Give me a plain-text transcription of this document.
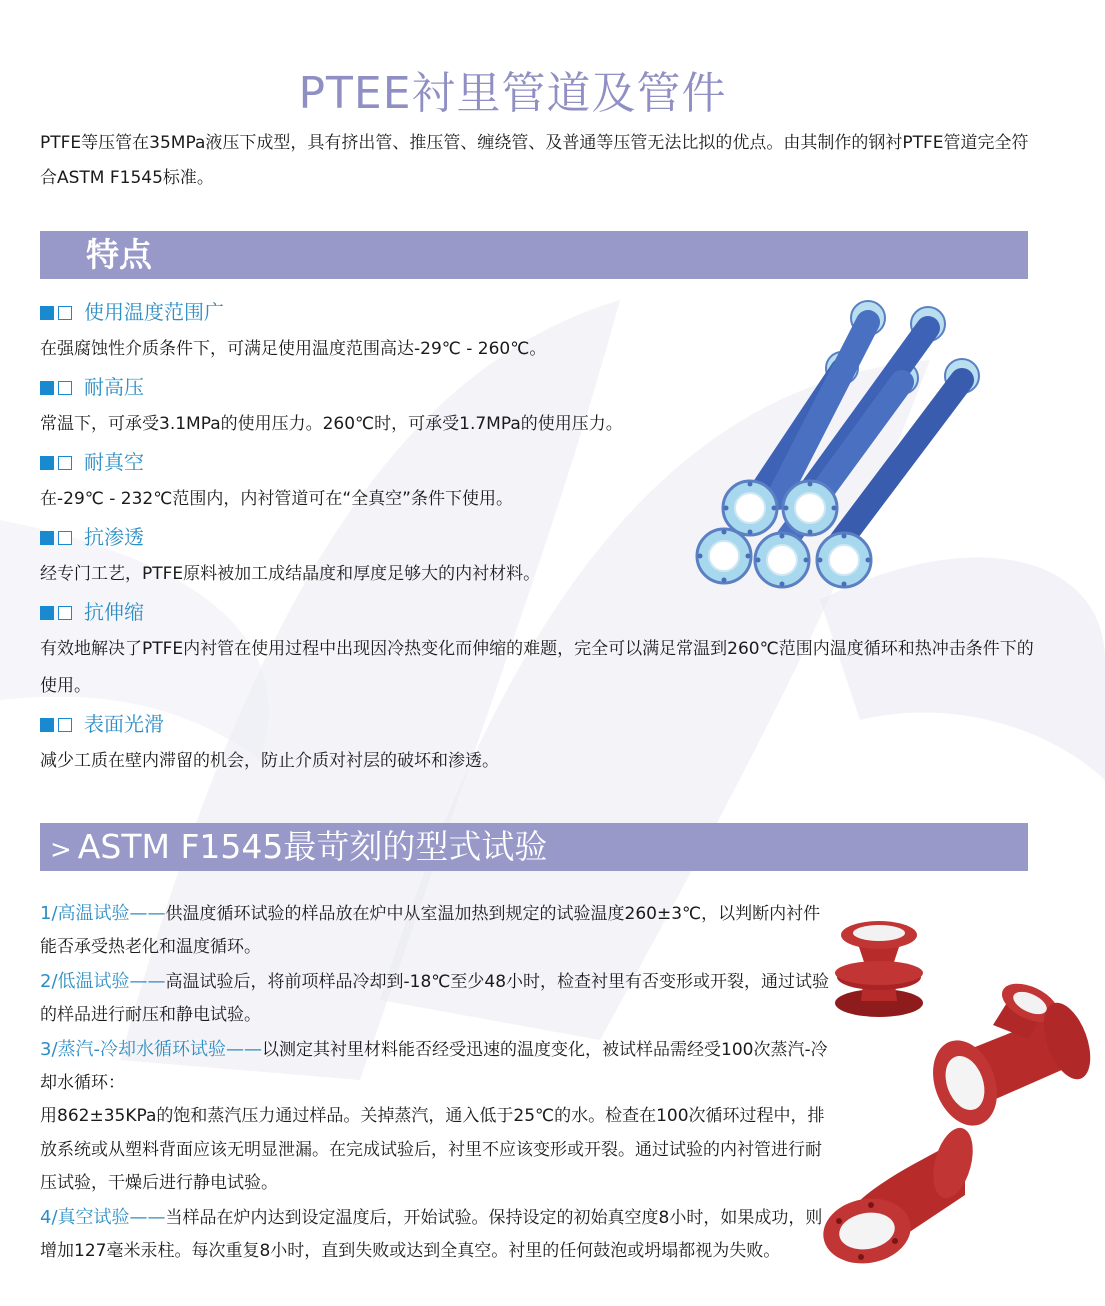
PTEE衬里管道及管件
PTFE等压管在35MPa液压下成型，具有挤出管、推压管、缠绕管、及普通等压管无法比拟的优点。由其制作的钢衬PTFE管道完全符合ASTM F1545标准。
特点
使用温度范围广
在强腐蚀性介质条件下，可满足使用温度范围高达-29℃ - 260℃。
耐高压
常温下，可承受3.1MPa的使用压力。260℃时，可承受1.7MPa的使用压力。
耐真空
在-29℃ - 232℃范围内，内衬管道可在“全真空”条件下使用。
抗渗透
经专门工艺，PTFE原料被加工成结晶度和厚度足够大的内衬材料。
抗伸缩
有效地解决了PTFE内衬管在使用过程中出现因冷热变化而伸缩的难题，完全可以满足常温到260℃范围内温度循环和热冲击条件下的使用。
表面光滑
减少工质在壁内滞留的机会，防止介质对衬层的破坏和渗透。
> ASTM F1545最苛刻的型式试验

1/高温试验——供温度循环试验的样品放在炉中从室温加热到规定的试验温度260±3℃，以判断内衬件能否承受热老化和温度循环。

2/低温试验——高温试验后，将前项样品冷却到-18℃至少48小时，检查衬里有否变形或开裂，通过试验的样品进行耐压和静电试验。

3/蒸汽-冷却水循环试验——以测定其衬里材料能否经受迅速的温度变化，被试样品需经受100次蒸汽-冷却水循环：

用862±35KPa的饱和蒸汽压力通过样品。关掉蒸汽，通入低于25℃的水。检查在100次循环过程中，排放系统或从塑料背面应该无明显泄漏。在完成试验后，衬里不应该变形或开裂。通过试验的内衬管进行耐压试验，干燥后进行静电试验。

4/真空试验——当样品在炉内达到设定温度后，开始试验。保持设定的初始真空度8小时，如果成功，则增加127毫米汞柱。每次重复8小时，直到失败或达到全真空。衬里的任何鼓泡或坍塌都视为失败。
